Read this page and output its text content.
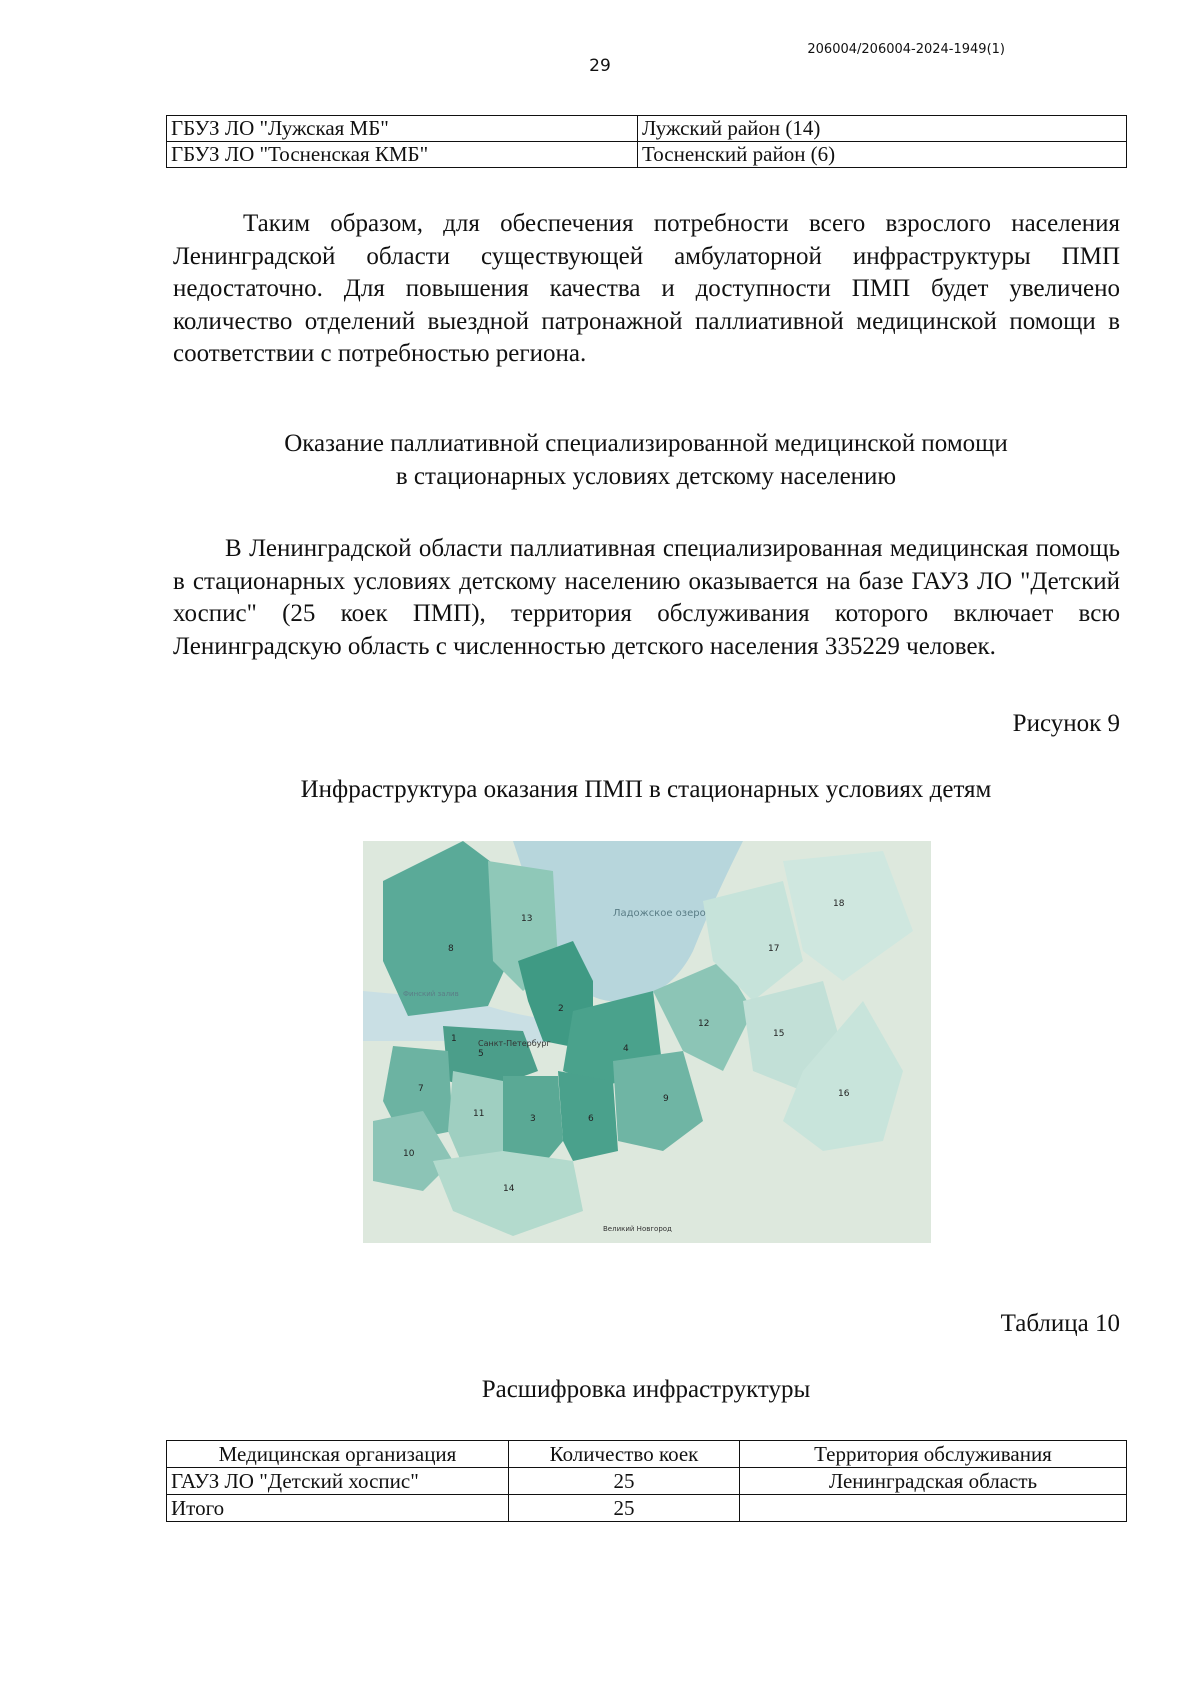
29
206004/206004-2024-1949(1)
ГБУЗ ЛО "Лужская МБ"	Лужский район (14)
ГБУЗ ЛО "Тосненская КМБ"	Тосненский район (6)

Таким образом, для обеспечения потребности всего взрослого населения Ленинградской области существующей амбулаторной инфраструктуры ПМП недостаточно. Для повышения качества и доступности ПМП будет увеличено количество отделений выездной патронажной паллиативной медицинской помощи в соответствии с потребностью региона.

Оказание паллиативной специализированной медицинской помощи
в стационарных условиях детскому населению

В Ленинградской области паллиативная специализированная медицинская помощь в стационарных условиях детскому населению оказывается на базе ГАУЗ ЛО "Детский хоспис" (25 коек ПМП), территория обслуживания которого включает всю Ленинградскую область с численностью детского населения 335229 человек.

Рисунок 9
Инфраструктура оказания ПМП в стационарных условиях детям
Ладожское озеро
Санкт-Петербург
Финский залив
Великий Новгород
2
1
3
4
5
6
7
8
9
10
11
12
13
14
15
16
17
18
Таблица 10
Расшифровка инфраструктуры
Медицинская организация	Количество коек	Территория обслуживания
ГАУЗ ЛО "Детский хоспис"	25	Ленинградская область
Итого	25	
